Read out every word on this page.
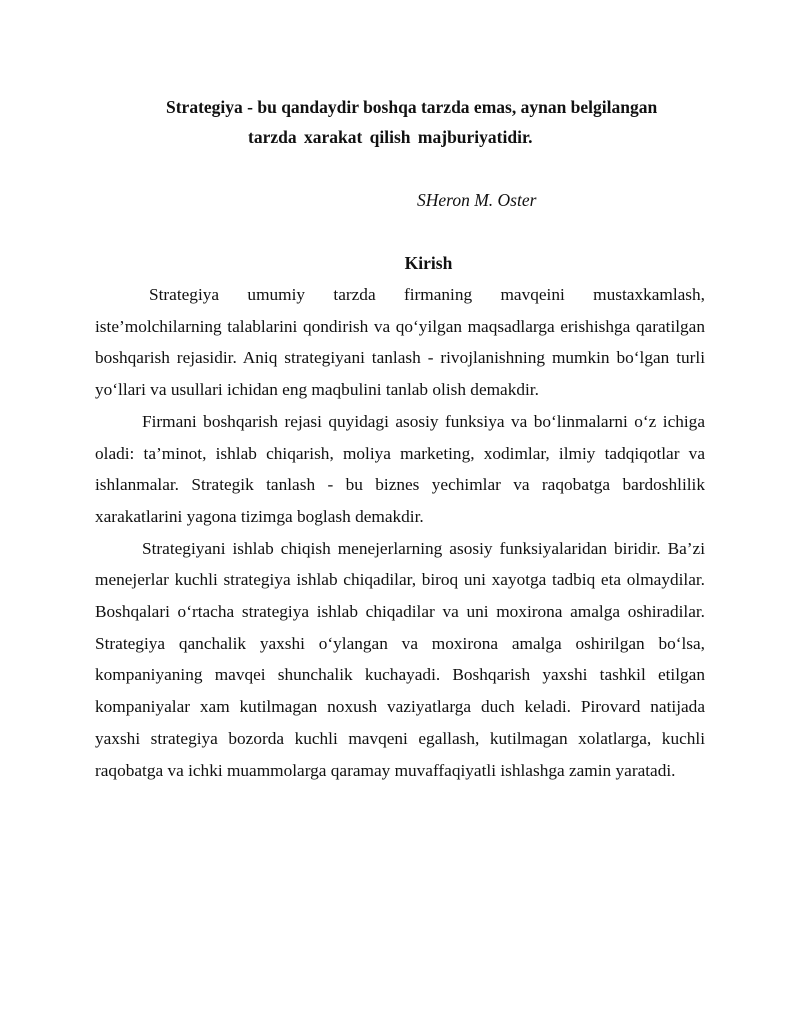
Strategiya - bu qandaydir boshqa tarzda emas, aynan belgilangan
tarzda xarakat qilish majburiyatidir.
SHeron M. Oster
Kirish

Strategiya umumiy tarzda firmaning mavqeini mustaxkamlash, iste’molchilarning talablarini qondirish va qo‘yilgan maqsadlarga erishishga qaratilgan boshqarish rejasidir. Aniq strategiyani tanlash - rivojlanishning mumkin bo‘lgan turli yo‘llari va usullari ichidan eng maqbulini tanlab olish demakdir.

Firmani boshqarish rejasi quyidagi asosiy funksiya va bo‘linmalarni o‘z ichiga oladi: ta’minot, ishlab chiqarish, moliya marketing, xodimlar, ilmiy tadqiqotlar va ishlanmalar. Strategik tanlash - bu biznes yechimlar va raqobatga bardoshlilik xarakatlarini yagona tizimga boglash demakdir.

Strategiyani ishlab chiqish menejerlarning asosiy funksiyalaridan biridir. Ba’zi menejerlar kuchli strategiya ishlab chiqadilar, biroq uni xayotga tadbiq eta olmaydilar. Boshqalari o‘rtacha strategiya ishlab chiqadilar va uni moxirona amalga oshiradilar. Strategiya qanchalik yaxshi o‘ylangan va moxirona amalga oshirilgan bo‘lsa, kompaniyaning mavqei shunchalik kuchayadi. Boshqarish yaxshi tashkil etilgan kompaniyalar xam kutilmagan noxush vaziyatlarga duch keladi. Pirovard natijada yaxshi strategiya bozorda kuchli mavqeni egallash, kutilmagan xolatlarga, kuchli raqobatga va ichki muammolarga qaramay muvaffaqiyatli ishlashga zamin yaratadi.
